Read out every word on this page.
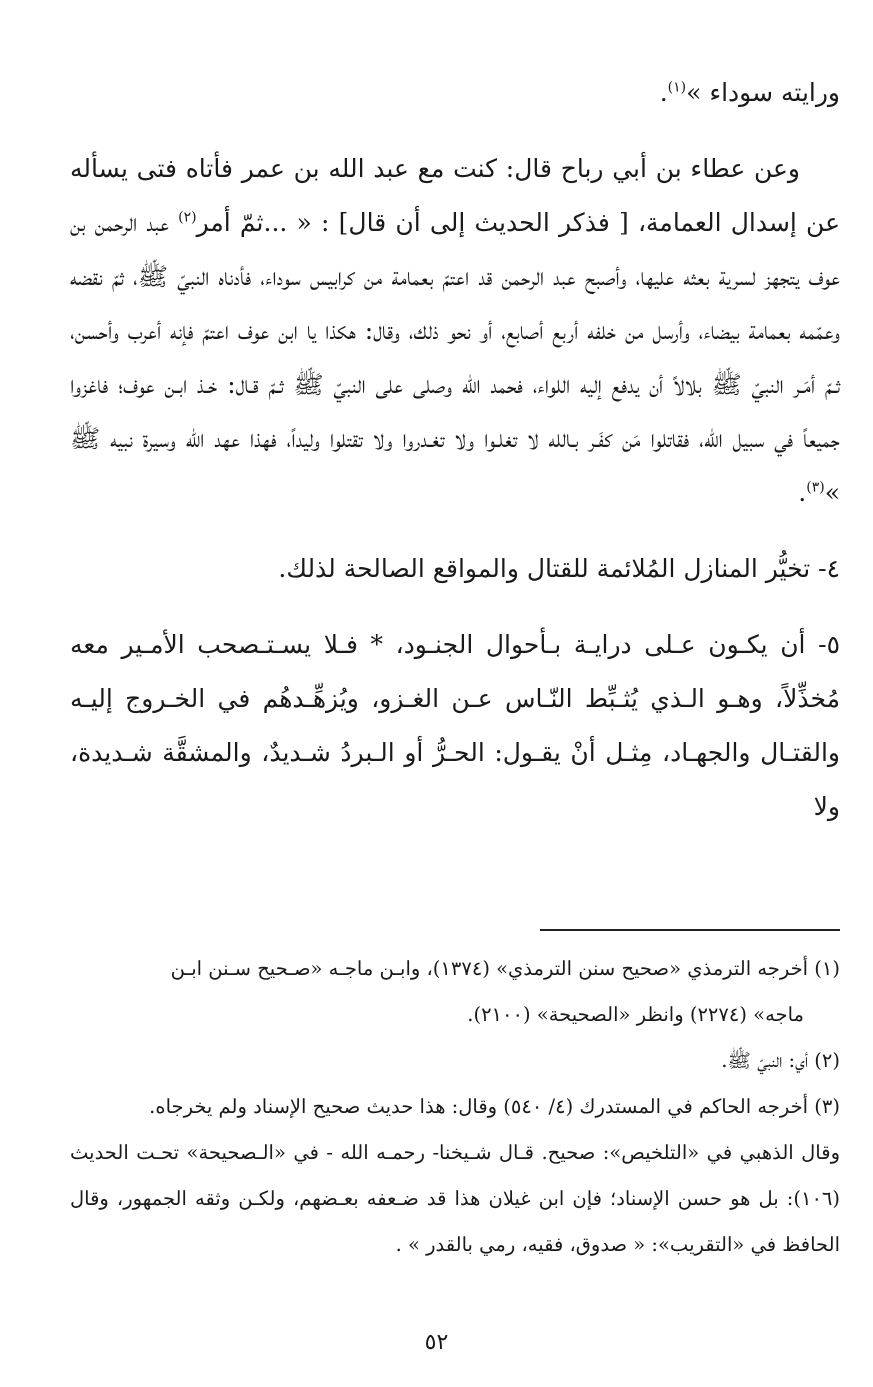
ورايته سوداء »$^{(١)}$.

وعن عطاء بن أبي رباح قال: كنت مع عبد الله بن عمر فأتاه فتى يسأله عن إسدال العمامة، [ فذكر الحديث إلى أن قال] : « ...ثمّ أمر$^{(٢)}$ عبد الرحمن بن عوف يتجهز لسرية بعثه عليها، وأصبح عبد الرحمن قد اعتمّ بعمامة من كرابيس سوداء، فأدناه النبيّ ﷺ، ثمّ نقضه وعمّمه بعمامة بيضاء، وأرسل من خلفه أربع أصابع، أو نحو ذلك، وقال: هكذا يا ابن عوف اعتمّ فإنه أعرب وأحسن، ثـمّ أمَـر النبيّ ﷺ بلالاً أن يدفع إليه اللواء، فحمد الله وصلى على النبيّ ﷺ ثـمّ قـال: خـذ ابـن عوف؛ فاغزوا جميعاً في سبيل الله، فقاتلوا مَن كفَـر بـالله لا تغلـوا ولا تغـدروا ولا تقتلوا وليداً، فهذا عهد الله وسيرة نبيه ﷺ »$^{(٣)}$.

٤- تخيُّر المنازل المُلائمة للقتال والمواقع الصالحة لذلك.

٥- أن يكـون عـلى درايـة بـأحوال الجنـود، * فـلا يسـتـصحب الأمـير معه مُخذِّلاً، وهـو الـذي يُثـبِّط النّـاس عـن الغـزو، ويُزهِّـدهُم في الخـروج إليـه والقتـال والجهـاد، مِثـل أنْ يقـول: الحـرُّ أو الـبردُ شـديدٌ، والمشقَّة شـديدة، ولا

(١) أخرجه الترمذي «صحيح سنن الترمذي» (١٣٧٤)، وابـن ماجـه «صـحيح سـنن ابـن

ماجه» (٢٢٧٤) وانظر «الصحيحة» (٢١٠٠).

(٢) أي: النبيّ ﷺ.

(٣) أخرجه الحاكم في المستدرك (٤/ ٥٤٠) وقال: هذا حديث صحيح الإسناد ولم يخرجاه.

وقال الذهبي في «التلخيص»: صحيح. قـال شـيخنا- رحمـه الله - في «الـصحيحة» تحـت الحديث (١٠٦): بل هو حسن الإسناد؛ فإن ابن غيلان هذا قد ضـعفه بعـضهم، ولكـن وثقه الجمهور، وقال الحافظ في «التقريب»: « صدوق، فقيه، رمي بالقدر » .

٥٢
